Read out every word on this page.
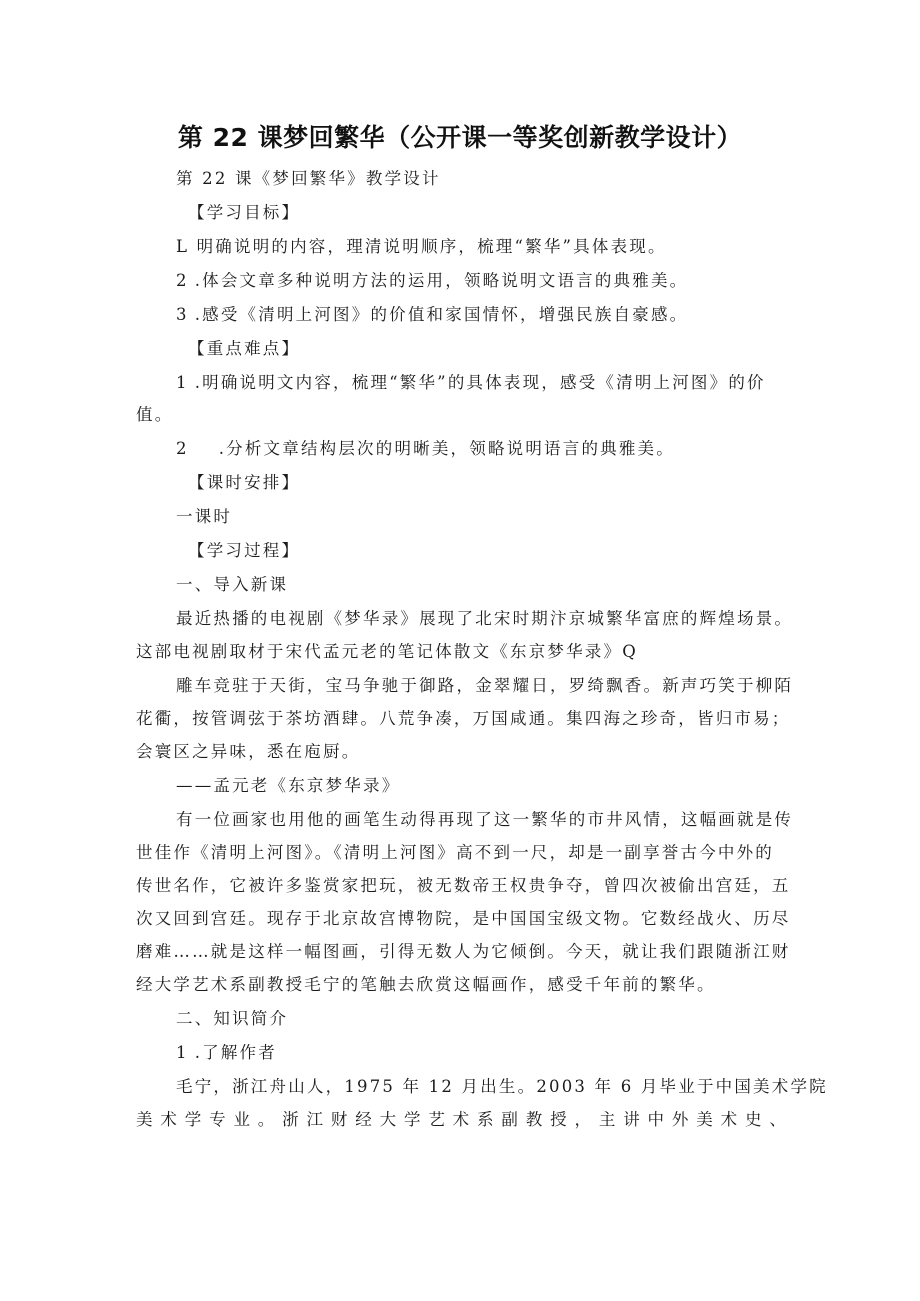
第 22 课梦回繁华（公开课一等奖创新教学设计）
第 22 课《梦回繁华》教学设计
【学习目标】
L 明确说明的内容，理清说明顺序，梳理“繁华”具体表现。
2 .体会文章多种说明方法的运用，领略说明文语言的典雅美。
3 .感受《清明上河图》的价值和家国情怀，增强民族自豪感。
【重点难点】
1 .明确说明文内容，梳理“繁华”的具体表现，感受《清明上河图》的价
值。
2 .分析文章结构层次的明晰美，领略说明语言的典雅美。
【课时安排】
一课时
【学习过程】
一、导入新课
最近热播的电视剧《梦华录》展现了北宋时期汴京城繁华富庶的辉煌场景。
这部电视剧取材于宋代孟元老的笔记体散文《东京梦华录》Q
雕车竞驻于天街，宝马争驰于御路，金翠耀日，罗绮飘香。新声巧笑于柳陌
花衢，按管调弦于茶坊酒肆。八荒争凑，万国咸通。集四海之珍奇，皆归市易；
会寰区之异味，悉在庖厨。
——孟元老《东京梦华录》
有一位画家也用他的画笔生动得再现了这一繁华的市井风情，这幅画就是传
世佳作《清明上河图》。《清明上河图》高不到一尺，却是一副享誉古今中外的
传世名作，它被许多鉴赏家把玩，被无数帝王权贵争夺，曾四次被偷出宫廷，五
次又回到宫廷。现存于北京故宫博物院，是中国国宝级文物。它数经战火、历尽
磨难……就是这样一幅图画，引得无数人为它倾倒。今天，就让我们跟随浙江财
经大学艺术系副教授毛宁的笔触去欣赏这幅画作，感受千年前的繁华。
二、知识简介
1 .了解作者
毛宁，浙江舟山人，1975 年 12 月出生。2003 年 6 月毕业于中国美术学院
美 术 学 专 业 。 浙 江 财 经 大 学 艺 术 系 副 教 授 ， 主 讲 中 外 美 术 史 、
